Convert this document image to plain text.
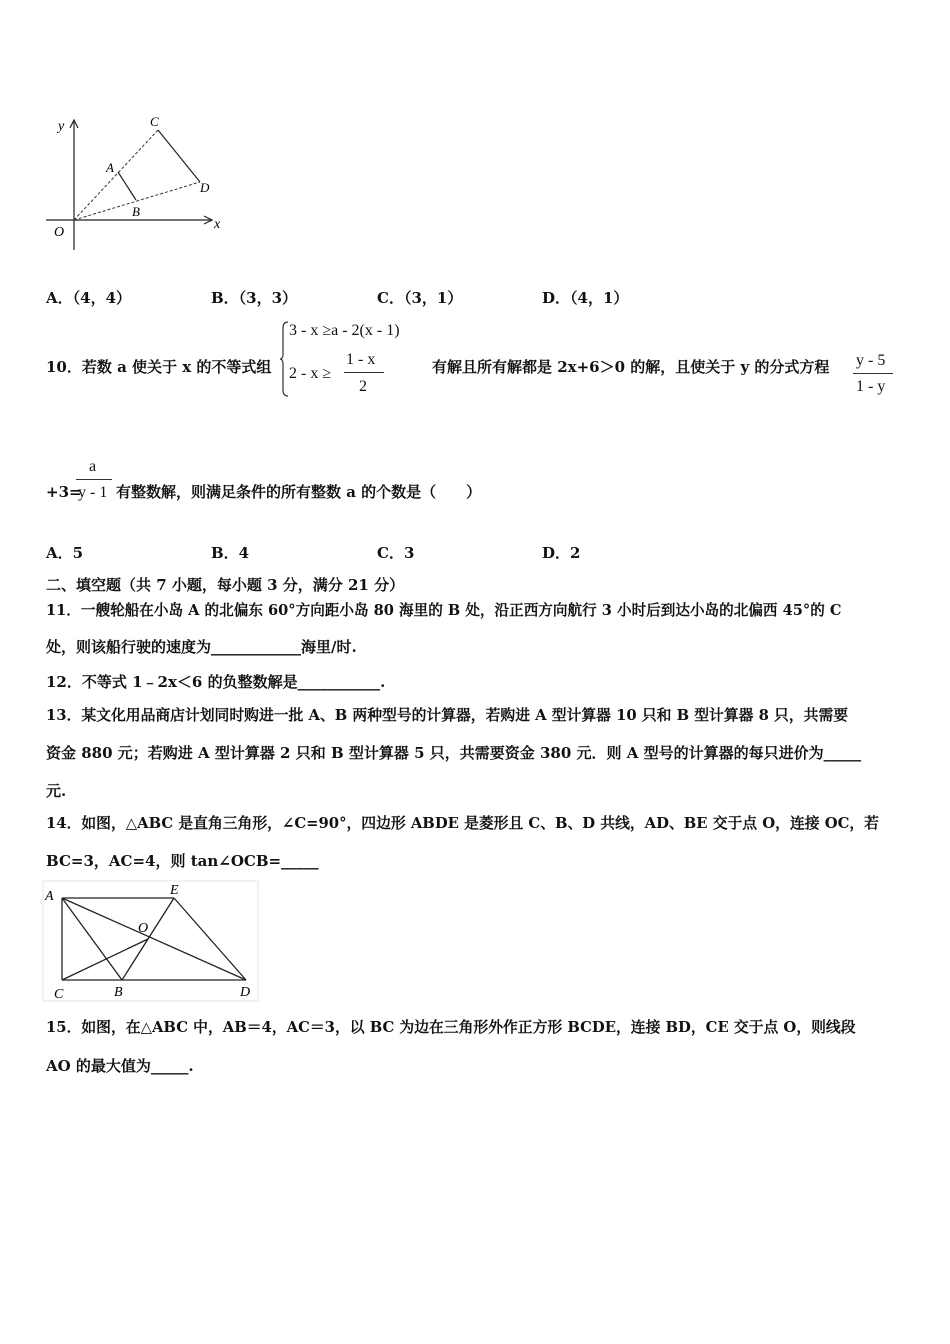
y
x
O
A
B
C
D
A．（4，4）	B．（3，3）	C．（3，1）	D．（4，1）
10．若数 a 使关于 x 的不等式组
3 - x ≥a - 2(x - 1)
2 - x ≥
1 - x
2
有解且所有解都是 2x+6＞0 的解，且使关于 y 的分式方程 y - 5
1 - y
+3=
a
y - 1 有整数解，则满足条件的所有整数 a 的个数是（　　）
A．5	B．4	C．3	D．2
二、填空题（共 7 小题，每小题 3 分，满分 21 分）
11．一艘轮船在小岛 A 的北偏东 60°方向距小岛 80 海里的 B 处，沿正西方向航行 3 小时后到达小岛的北偏西 45°的 C
处，则该船行驶的速度为____________海里/时.
12．不等式 1﹣2x＜6 的负整数解是___________.
13．某文化用品商店计划同时购进一批 A、B 两种型号的计算器，若购进 A 型计算器 10 只和 B 型计算器 8 只，共需要
资金 880 元；若购进 A 型计算器 2 只和 B 型计算器 5 只，共需要资金 380 元．则 A 型号的计算器的每只进价为_____
元.
14．如图，△ABC 是直角三角形，∠C=90°，四边形 ABDE 是菱形且 C、B、D 共线，AD、BE 交于点 O，连接 OC，若
BC=3，AC=4，则 tan∠OCB=_____
A	E
O
C	B	D
15．如图，在△ABC 中，AB＝4，AC＝3，以 BC 为边在三角形外作正方形 BCDE，连接 BD，CE 交于点 O，则线段
AO 的最大值为_____.
